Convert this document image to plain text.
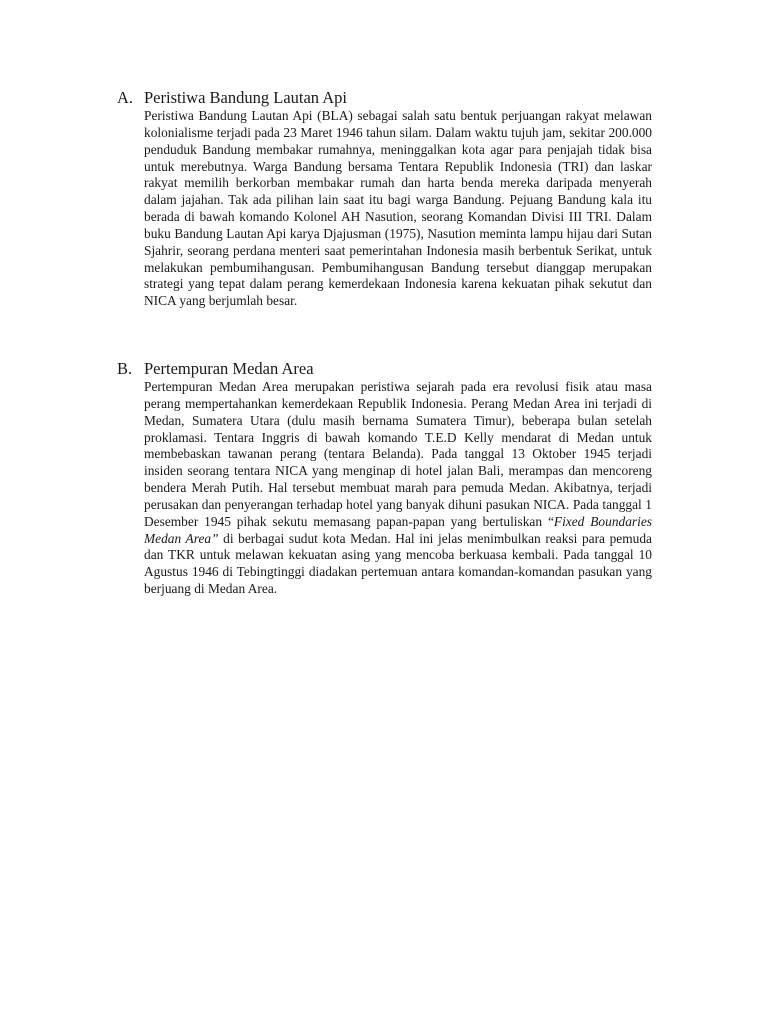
A. Peristiwa Bandung Lautan Api

Peristiwa Bandung Lautan Api (BLA) sebagai salah satu bentuk perjuangan rakyat melawan kolonialisme terjadi pada 23 Maret 1946 tahun silam. Dalam waktu tujuh jam, sekitar 200.000 penduduk Bandung membakar rumahnya, meninggalkan kota agar para penjajah tidak bisa untuk merebutnya. Warga Bandung bersama Tentara Republik Indonesia (TRI) dan laskar rakyat memilih berkorban membakar rumah dan harta benda mereka daripada menyerah dalam jajahan. Tak ada pilihan lain saat itu bagi warga Bandung. Pejuang Bandung kala itu berada di bawah komando Kolonel AH Nasution, seorang Komandan Divisi III TRI. Dalam buku Bandung Lautan Api karya Djajusman (1975), Nasution meminta lampu hijau dari Sutan Sjahrir, seorang perdana menteri saat pemerintahan Indonesia masih berbentuk Serikat, untuk melakukan pembumihangusan. Pembumihangusan Bandung tersebut dianggap merupakan strategi yang tepat dalam perang kemerdekaan Indonesia karena kekuatan pihak sekutut dan NICA yang berjumlah besar.

B. Pertempuran Medan Area

Pertempuran Medan Area merupakan peristiwa sejarah pada era revolusi fisik atau masa perang mempertahankan kemerdekaan Republik Indonesia. Perang Medan Area ini terjadi di Medan, Sumatera Utara (dulu masih bernama Sumatera Timur), beberapa bulan setelah proklamasi. Tentara Inggris di bawah komando T.E.D Kelly mendarat di Medan untuk membebaskan tawanan perang (tentara Belanda). Pada tanggal 13 Oktober 1945 terjadi insiden seorang tentara NICA yang menginap di hotel jalan Bali, merampas dan mencoreng bendera Merah Putih. Hal tersebut membuat marah para pemuda Medan. Akibatnya, terjadi perusakan dan penyerangan terhadap hotel yang banyak dihuni pasukan NICA. Pada tanggal 1 Desember 1945 pihak sekutu memasang papan-papan yang bertuliskan “Fixed Boundaries Medan Area” di berbagai sudut kota Medan. Hal ini jelas menimbulkan reaksi para pemuda dan TKR untuk melawan kekuatan asing yang mencoba berkuasa kembali. Pada tanggal 10 Agustus 1946 di Tebingtinggi diadakan pertemuan antara komandan-komandan pasukan yang berjuang di Medan Area.
